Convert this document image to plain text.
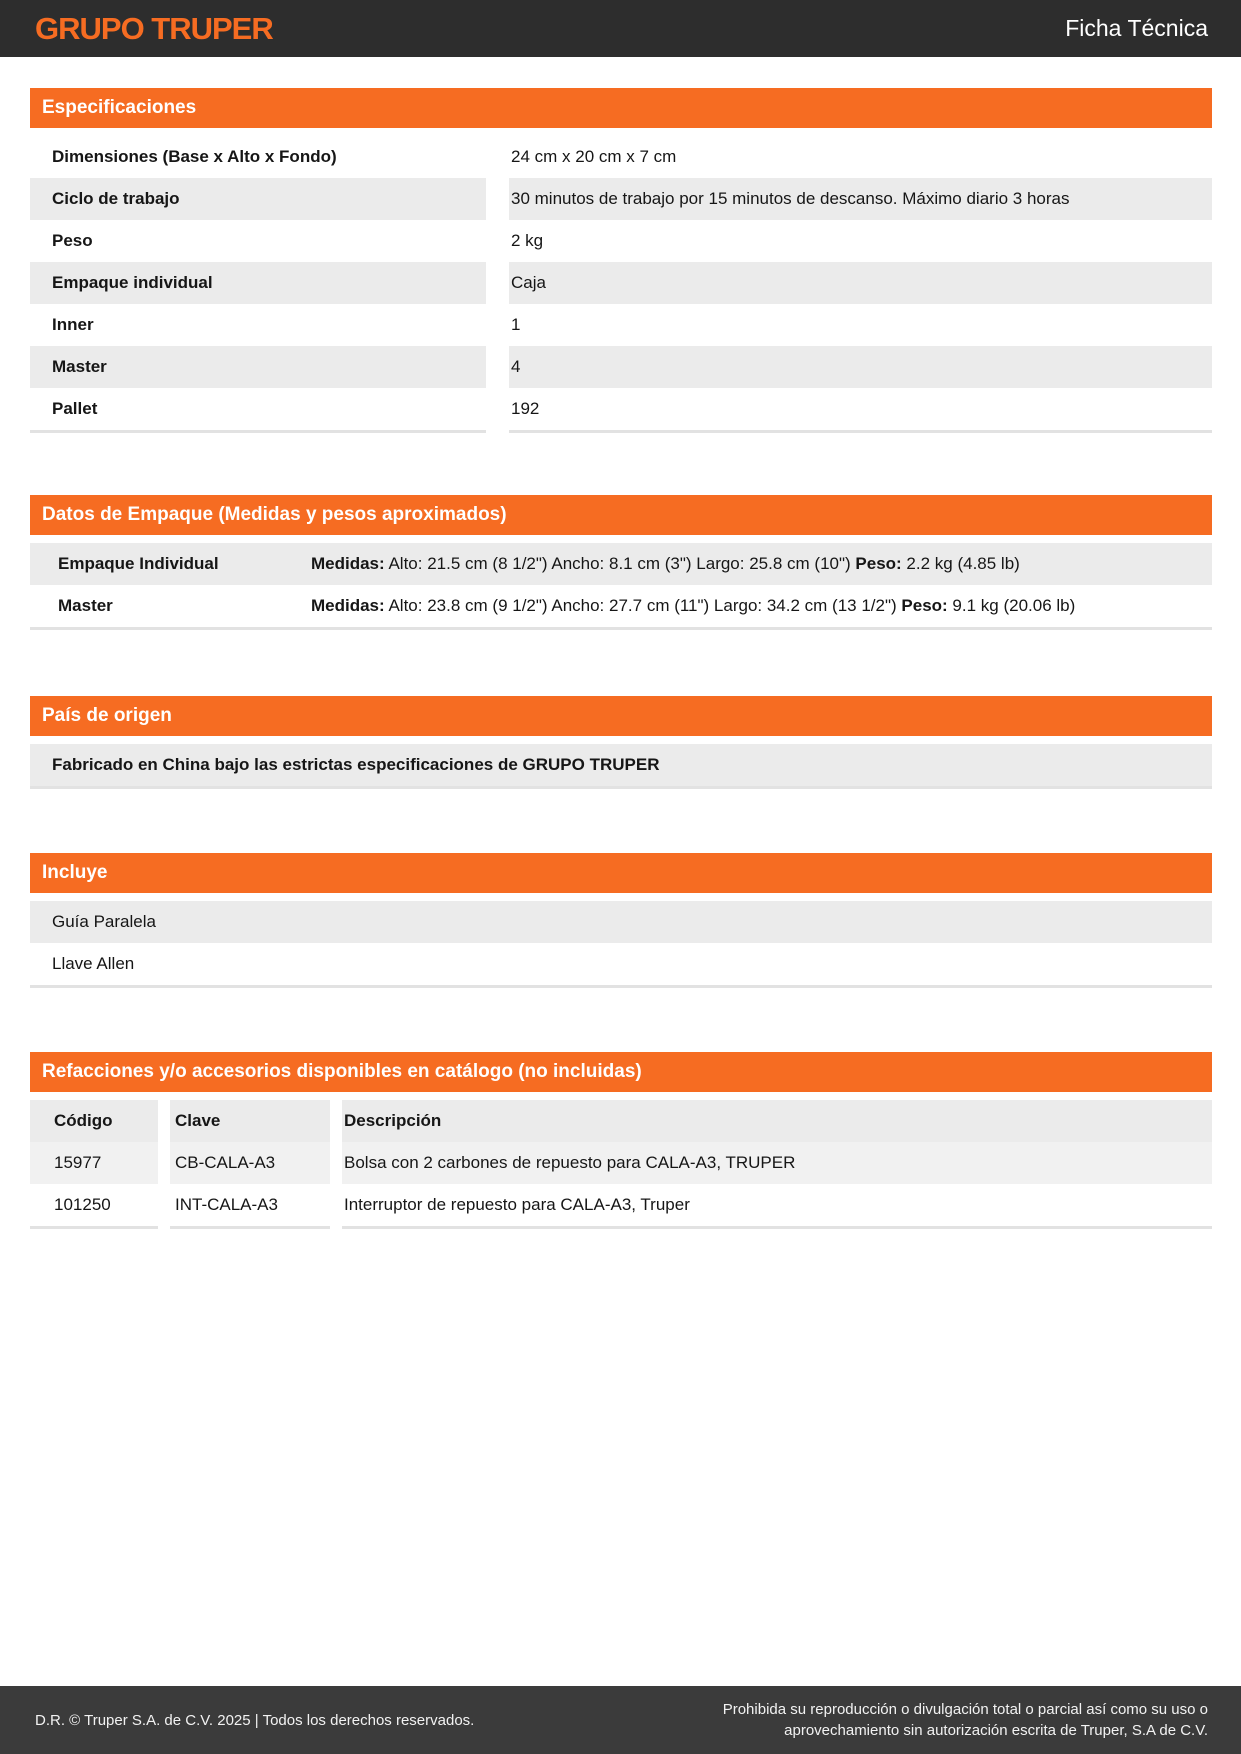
GRUPO TRUPER	Ficha Técnica
Especificaciones
Dimensiones (Base x Alto x Fondo)	24 cm x 20 cm x 7 cm
Ciclo de trabajo	30 minutos de trabajo por 15 minutos de descanso. Máximo diario 3 horas
Peso	2 kg
Empaque individual	Caja
Inner	1
Master	4
Pallet	192
Datos de Empaque (Medidas y pesos aproximados)
Empaque Individual	Medidas: Alto: 21.5 cm (8 1/2") Ancho: 8.1 cm (3") Largo: 25.8 cm (10") Peso: 2.2 kg (4.85 lb)
Master	Medidas: Alto: 23.8 cm (9 1/2") Ancho: 27.7 cm (11") Largo: 34.2 cm (13 1/2") Peso: 9.1 kg (20.06 lb)
País de origen
Fabricado en China bajo las estrictas especificaciones de GRUPO TRUPER
Incluye
Guía Paralela
Llave Allen
Refacciones y/o accesorios disponibles en catálogo (no incluidas)
Código	Clave	Descripción
15977	CB-CALA-A3	Bolsa con 2 carbones de repuesto para CALA-A3, TRUPER
101250	INT-CALA-A3	Interruptor de repuesto para CALA-A3, Truper
D.R. © Truper S.A. de C.V. 2025 | Todos los derechos reservados.
Prohibida su reproducción o divulgación total o parcial así como su uso o
aprovechamiento sin autorización escrita de Truper, S.A de C.V.
